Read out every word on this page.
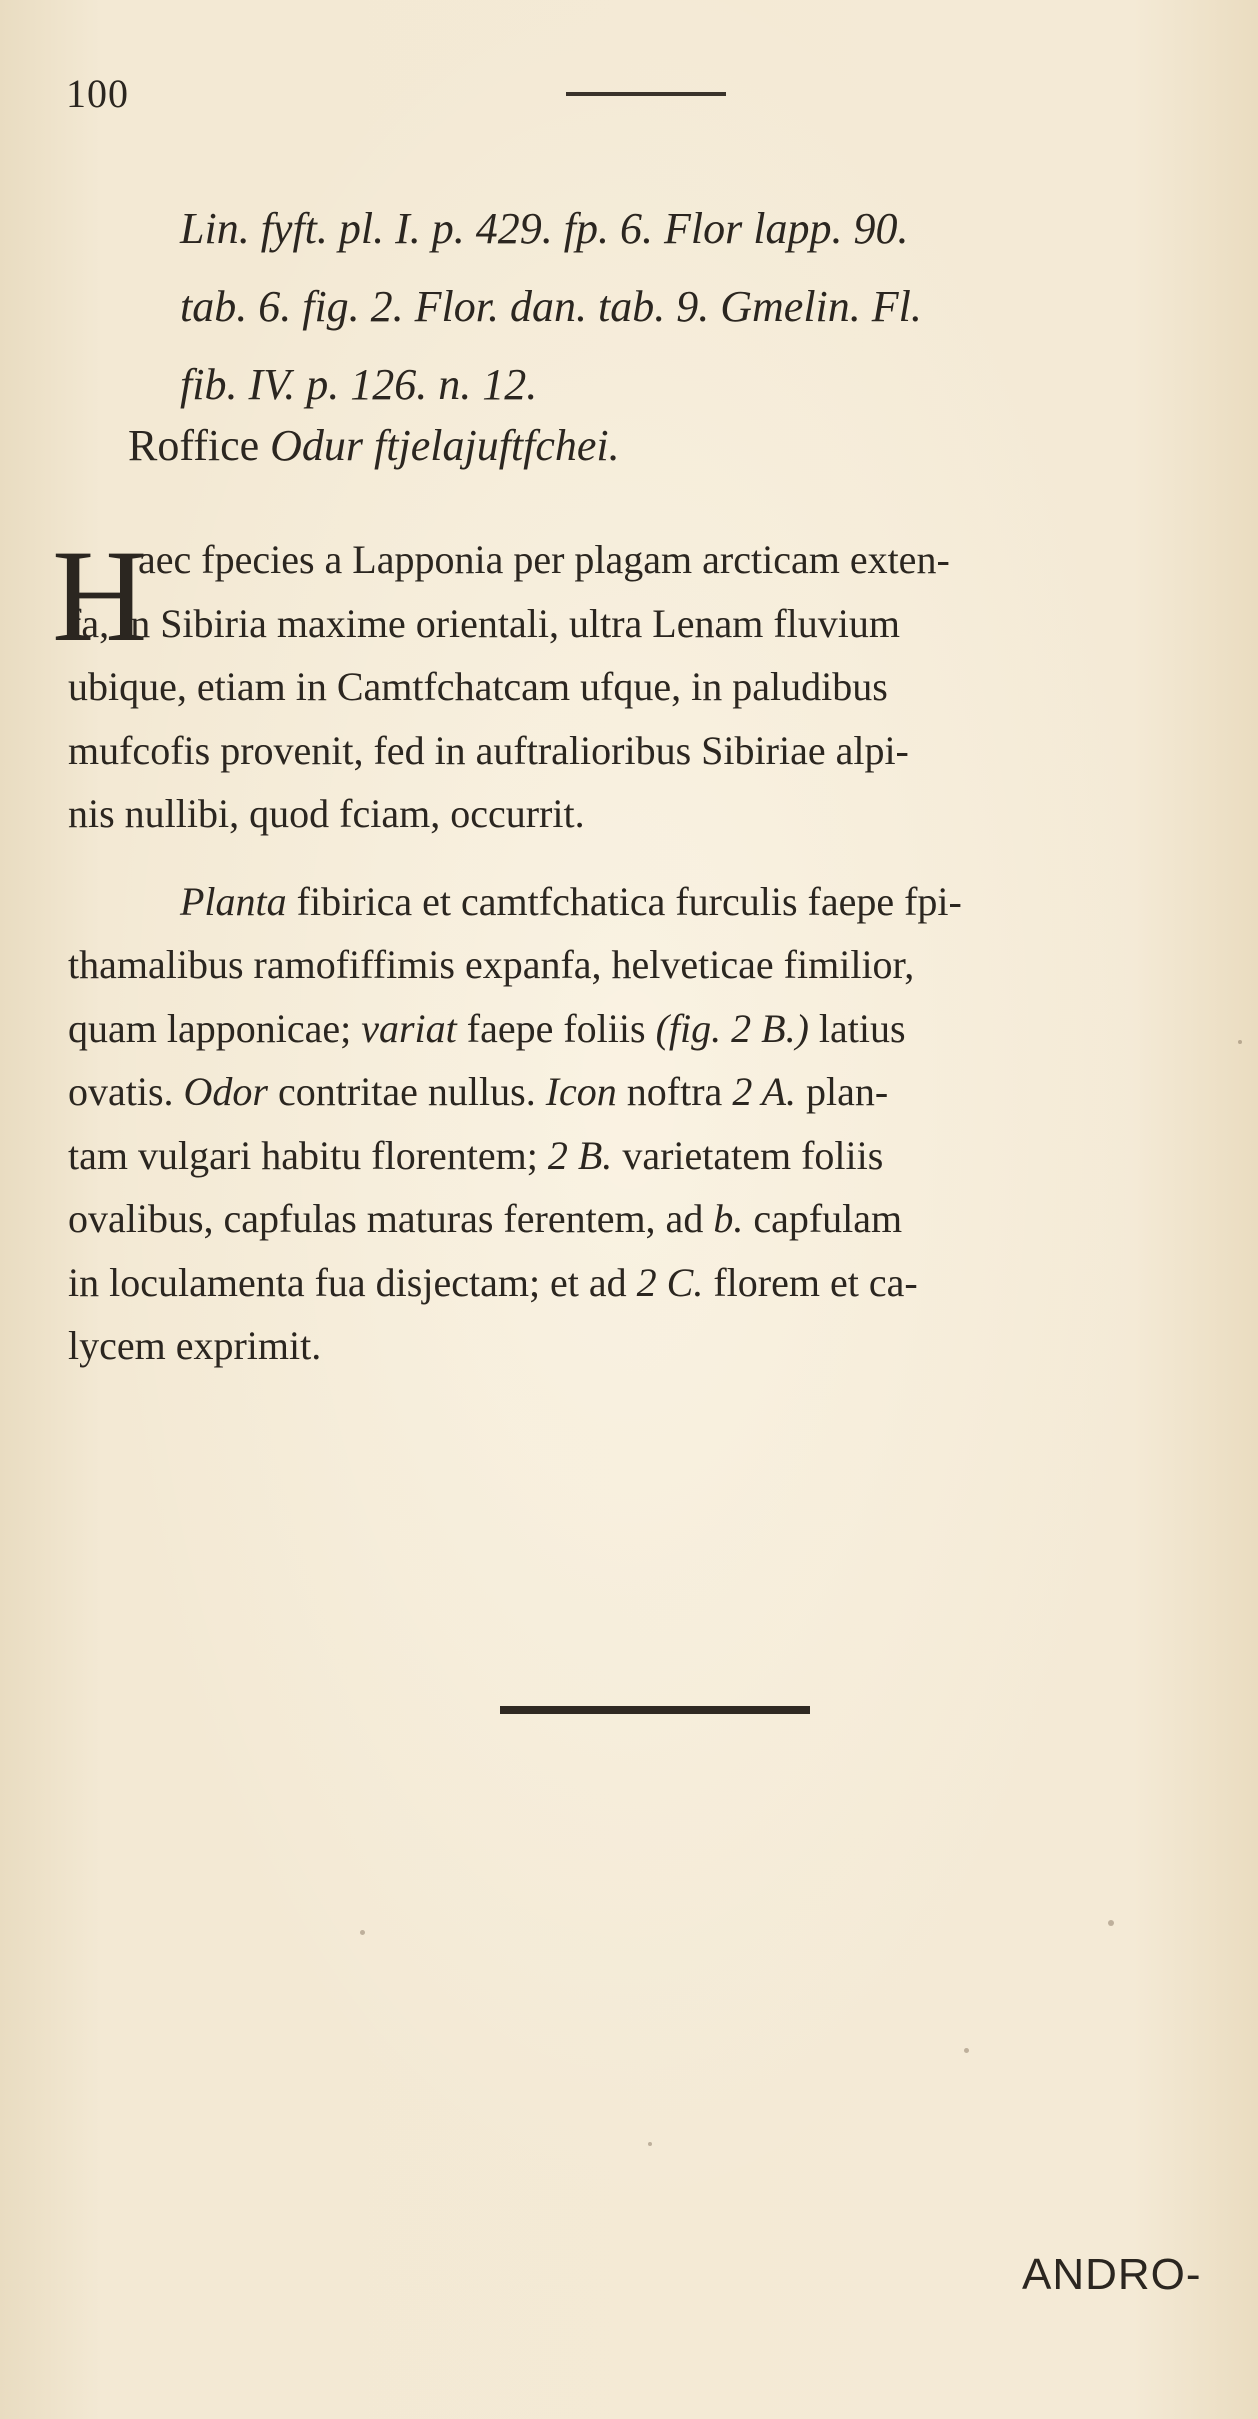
100
Lin. fyft. pl. I. p. 429. fp. 6. Flor lapp. 90.
tab. 6. fig. 2. Flor. dan. tab. 9. Gmelin. Fl.
fib. IV. p. 126. n. 12.
Roffice Odur ftjelajuftfchei.
H
aec fpecies a Lapponia per plagam arcticam exten-
fa, in Sibiria maxime orientali, ultra Lenam fluvium
ubique, etiam in Camtfchatcam ufque, in paludibus
mufcofis provenit, fed in auftralioribus Sibiriae alpi-
nis nullibi, quod fciam, occurrit.
Planta fibirica et camtfchatica furculis faepe fpi-
thamalibus ramofiffimis expanfa, helveticae fimilior,
quam lapponicae; variat faepe foliis (fig. 2 B.) latius
ovatis. Odor contritae nullus. Icon noftra 2 A. plan-
tam vulgari habitu florentem; 2 B. varietatem foliis
ovalibus, capfulas maturas ferentem, ad b. capfulam
in loculamenta fua disjectam; et ad 2 C. florem et ca-
lycem exprimit.
ANDRO-
